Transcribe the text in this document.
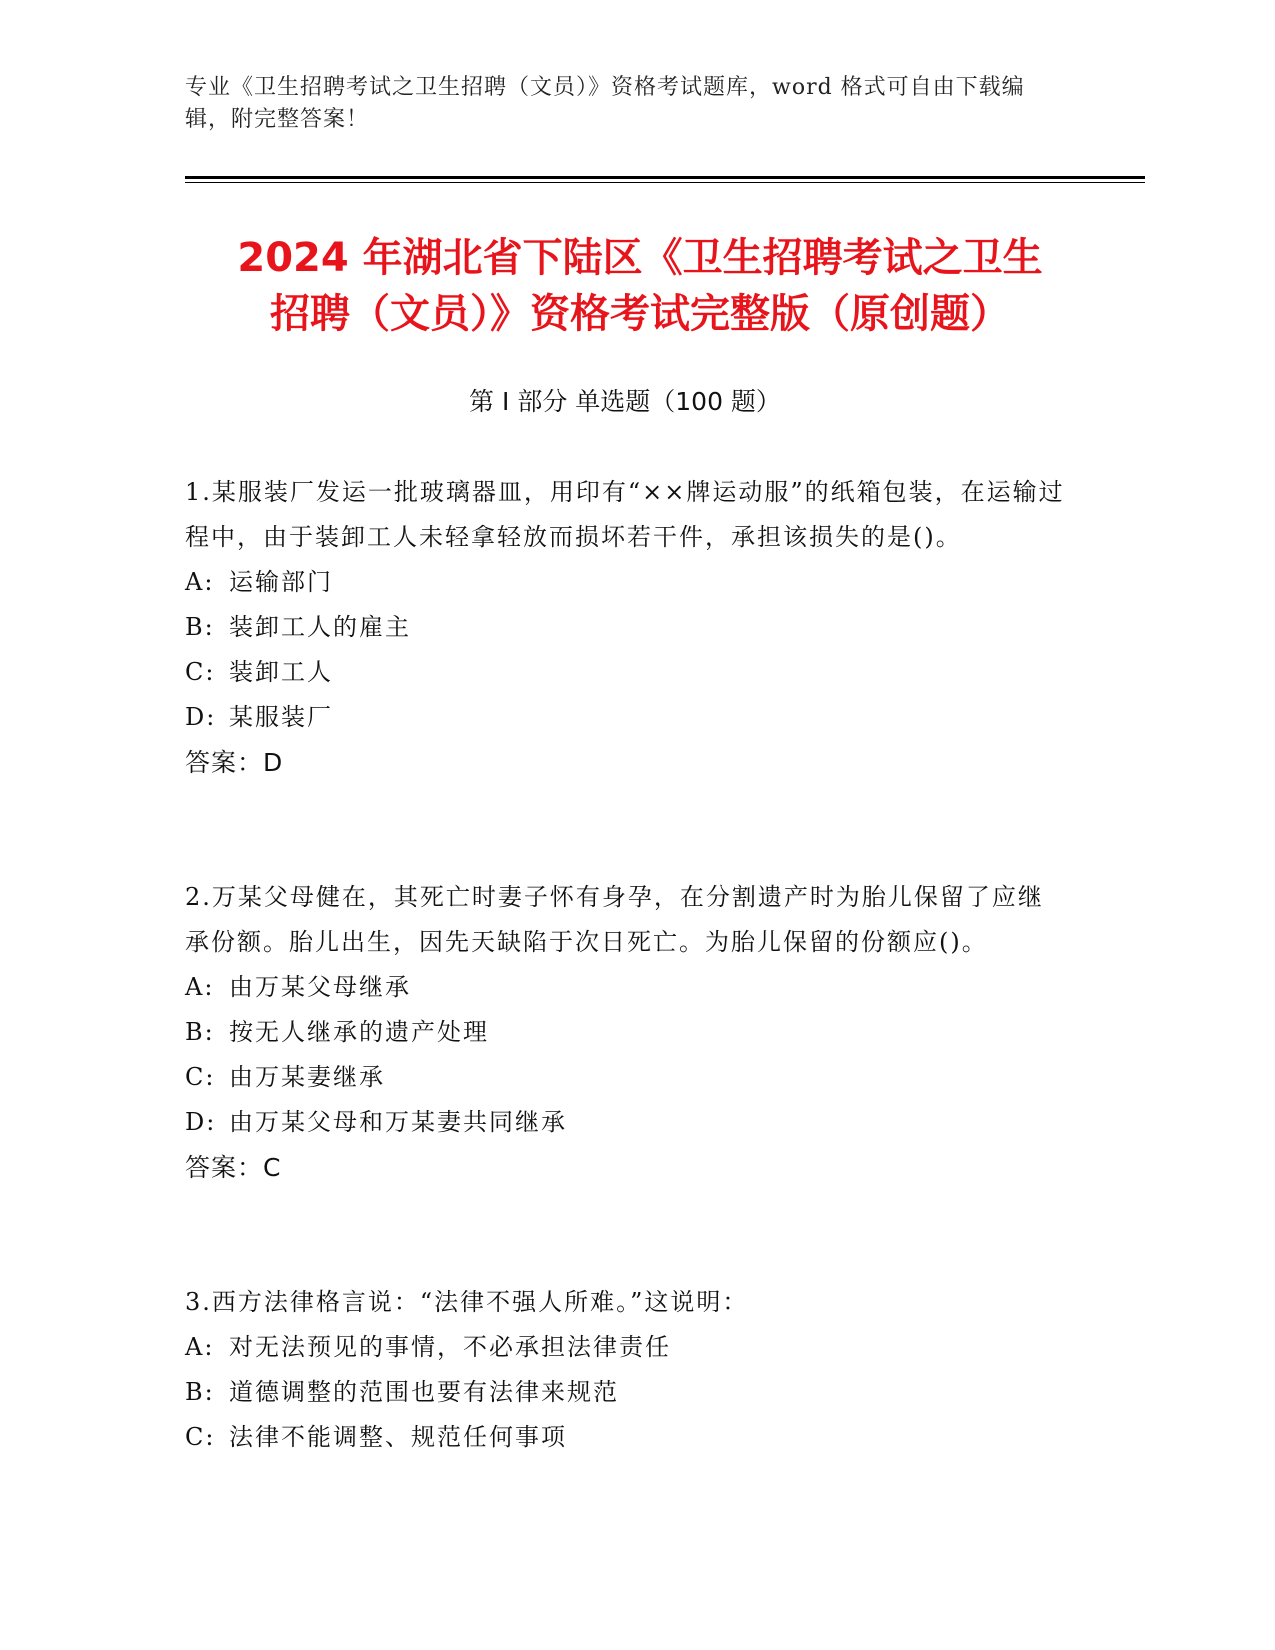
专业《卫生招聘考试之卫生招聘（文员）》资格考试题库，word 格式可自由下载编辑，附完整答案！
2024 年湖北省下陆区《卫生招聘考试之卫生
招聘（文员）》资格考试完整版（原创题）
第 I 部分 单选题（100 题）
1.某服装厂发运一批玻璃器皿，用印有“××牌运动服”的纸箱包装，在运输过程中，由于装卸工人未轻拿轻放而损坏若干件，承担该损失的是()。
A: 运输部门
B: 装卸工人的雇主
C: 装卸工人
D: 某服装厂
答案：D
2.万某父母健在，其死亡时妻子怀有身孕，在分割遗产时为胎儿保留了应继承份额。胎儿出生，因先天缺陷于次日死亡。为胎儿保留的份额应()。
A: 由万某父母继承
B: 按无人继承的遗产处理
C: 由万某妻继承
D: 由万某父母和万某妻共同继承
答案：C
3.西方法律格言说：“法律不强人所难。”这说明：
A: 对无法预见的事情，不必承担法律责任
B: 道德调整的范围也要有法律来规范
C: 法律不能调整、规范任何事项
